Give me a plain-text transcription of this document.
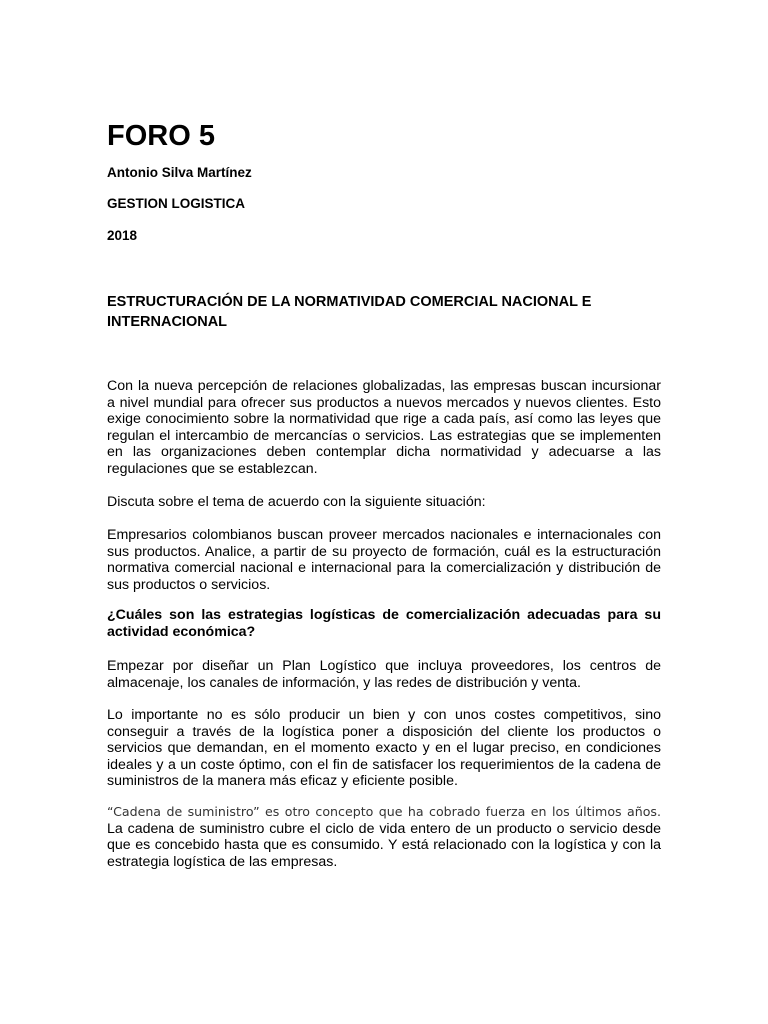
FORO 5

Antonio Silva Martínez

GESTION LOGISTICA

2018

ESTRUCTURACIÓN DE LA NORMATIVIDAD COMERCIAL NACIONAL E INTERNACIONAL

Con la nueva percepción de relaciones globalizadas, las empresas buscan incursionar a nivel mundial para ofrecer sus productos a nuevos mercados y nuevos clientes. Esto exige conocimiento sobre la normatividad que rige a cada país, así como las leyes que regulan el intercambio de mercancías o servicios. Las estrategias que se implementen en las organizaciones deben contemplar dicha normatividad y adecuarse a las regulaciones que se establezcan.

Discuta sobre el tema de acuerdo con la siguiente situación:

Empresarios colombianos buscan proveer mercados nacionales e internacionales con sus productos. Analice, a partir de su proyecto de formación, cuál es la estructuración normativa comercial nacional e internacional para la comercialización y distribución de sus productos o servicios.

¿Cuáles son las estrategias logísticas de comercialización adecuadas para su actividad económica?

Empezar por diseñar un Plan Logístico que incluya proveedores, los centros de almacenaje, los canales de información, y las redes de distribución y venta.

Lo importante no es sólo producir un bien y con unos costes competitivos, sino conseguir a través de la logística poner a disposición del cliente los productos o servicios que demandan, en el momento exacto y en el lugar preciso, en condiciones ideales y a un coste óptimo, con el fin de satisfacer los requerimientos de la cadena de suministros de la manera más eficaz y eficiente posible.

“Cadena de suministro” es otro concepto que ha cobrado fuerza en los últimos años. La cadena de suministro cubre el ciclo de vida entero de un producto o servicio desde que es concebido hasta que es consumido. Y está relacionado con la logística y con la estrategia logística de las empresas.
